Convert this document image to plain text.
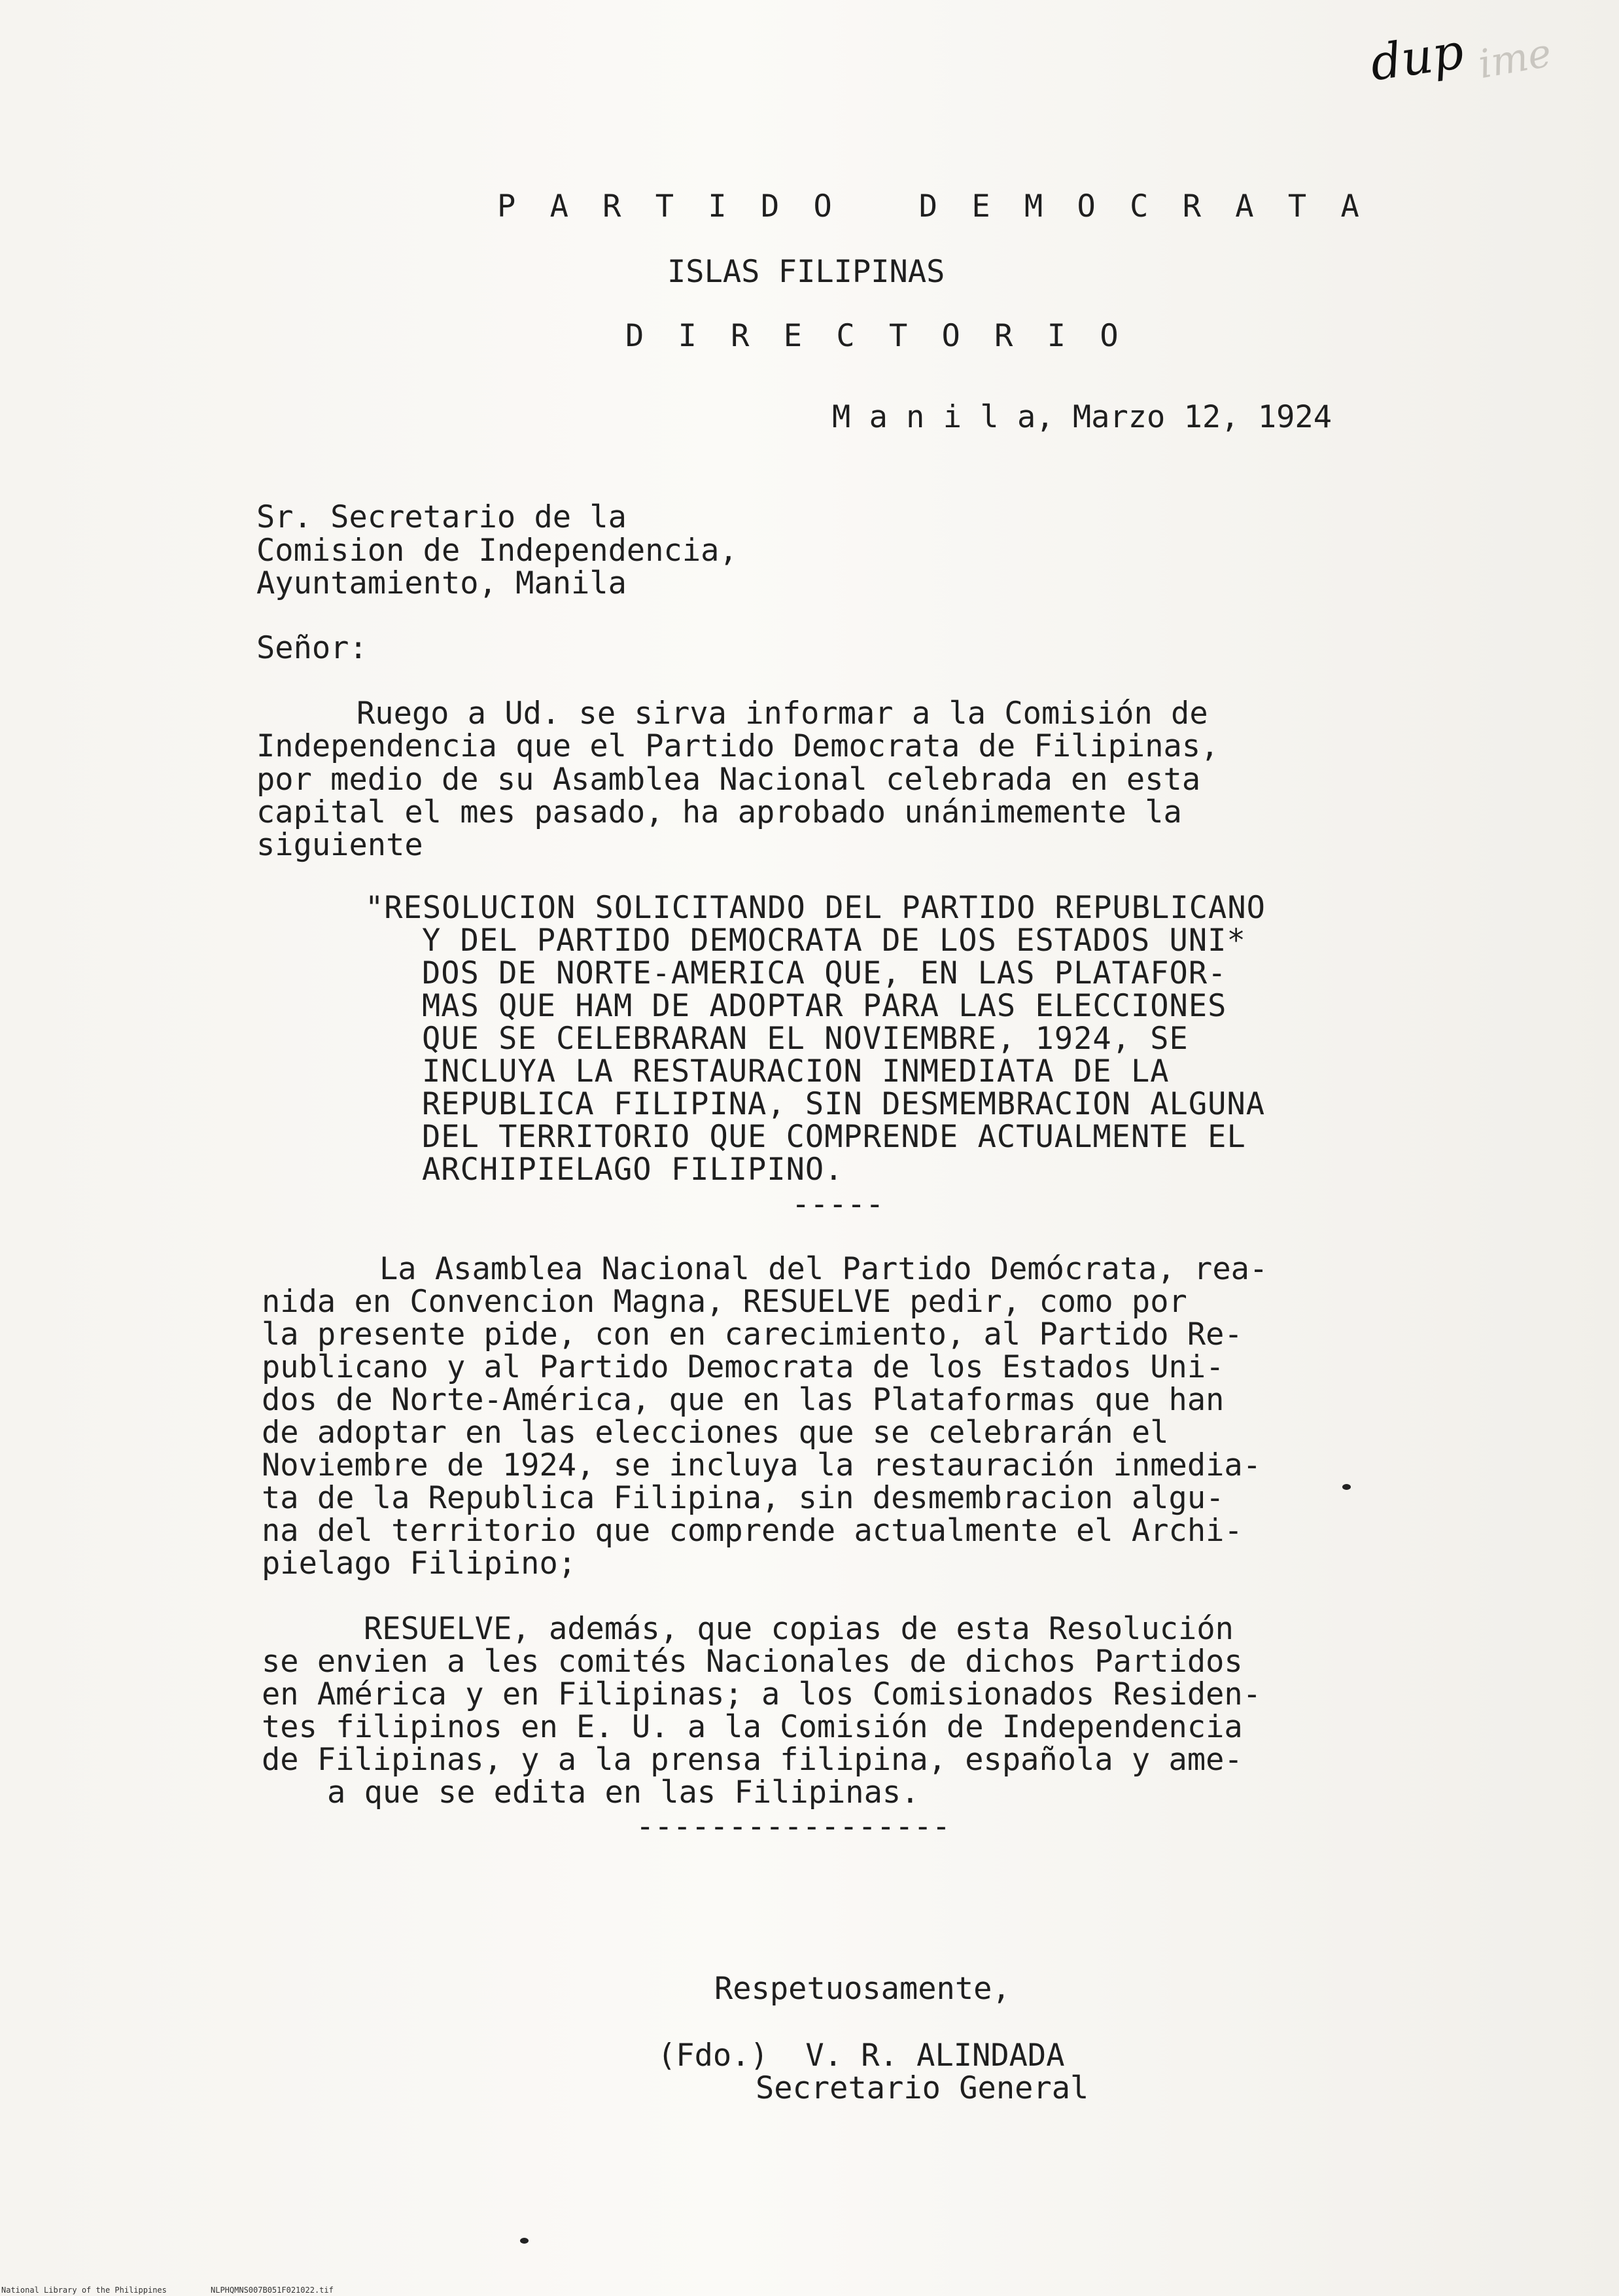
dup ime
P A R T I D O   D E M O C R A T A
ISLAS FILIPINAS
D I R E C T O R I O
M a n i l a, Marzo 12, 1924
Sr. Secretario de la
Comision de Independencia,
Ayuntamiento, Manila
Señor:
Ruego a Ud. se sirva informar a la Comisión de
Independencia que el Partido Democrata de Filipinas,
por medio de su Asamblea Nacional celebrada en esta
capital el mes pasado, ha aprobado unánimemente la
siguiente
"RESOLUCION SOLICITANDO DEL PARTIDO REPUBLICANO
Y DEL PARTIDO DEMOCRATA DE LOS ESTADOS UNI*
DOS DE NORTE-AMERICA QUE, EN LAS PLATAFOR-
MAS QUE HAM DE ADOPTAR PARA LAS ELECCIONES
QUE SE CELEBRARAN EL NOVIEMBRE, 1924, SE
INCLUYA LA RESTAURACION INMEDIATA DE LA
REPUBLICA FILIPINA, SIN DESMEMBRACION ALGUNA
DEL TERRITORIO QUE COMPRENDE ACTUALMENTE EL
ARCHIPIELAGO FILIPINO.
-----
La Asamblea Nacional del Partido Demócrata, rea-
nida en Convencion Magna, RESUELVE pedir, como por
la presente pide, con en carecimiento, al Partido Re-
publicano y al Partido Democrata de los Estados Uni-
dos de Norte-América, que en las Plataformas que han
de adoptar en las elecciones que se celebrarán el
Noviembre de 1924, se incluya la restauración inmedia-
ta de la Republica Filipina, sin desmembracion algu-
na del territorio que comprende actualmente el Archi-
pielago Filipino;
RESUELVE, además, que copias de esta Resolución
se envien a les comités Nacionales de dichos Partidos
en América y en Filipinas; a los Comisionados Residen-
tes filipinos en E. U. a la Comisión de Independencia
de Filipinas, y a la prensa filipina, española y ame-
a que se edita en las Filipinas.
-----------------
Respetuosamente,
(Fdo.)  V. R. ALINDADA
Secretario General
National Library of the Philippines	NLPHQMNS007B051F021022.tif
